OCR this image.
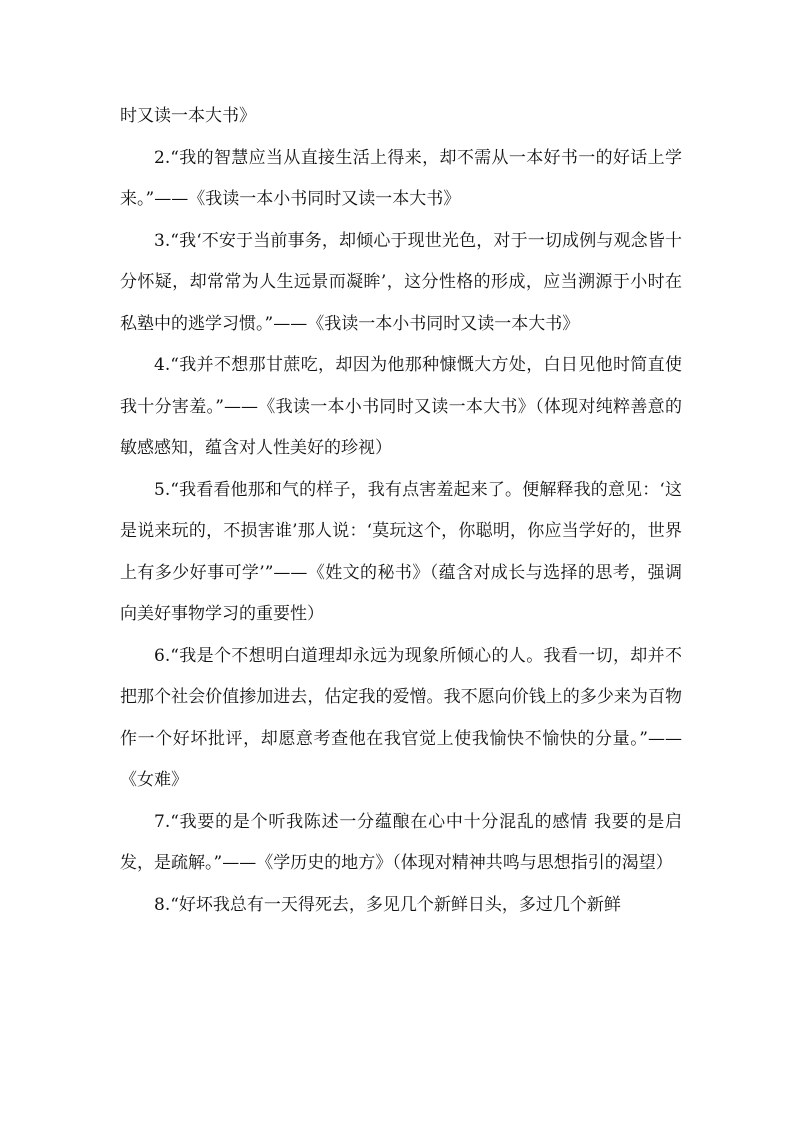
时又读一本大书》

2.“我的智慧应当从直接生活上得来，却不需从一本好书一的好话上学来。”——《我读一本小书同时又读一本大书》

3.“我‘不安于当前事务，却倾心于现世光色，对于一切成例与观念皆十分怀疑，却常常为人生远景而凝眸’，这分性格的形成，应当溯源于小时在私塾中的逃学习惯。”——《我读一本小书同时又读一本大书》

4.“我并不想那甘蔗吃，却因为他那种慷慨大方处，白日见他时简直使我十分害羞。”——《我读一本小书同时又读一本大书》（体现对纯粹善意的敏感感知，蕴含对人性美好的珍视）

5.“我看看他那和气的样子，我有点害羞起来了。便解释我的意见：‘这是说来玩的，不损害谁’那人说：‘莫玩这个，你聪明，你应当学好的，世界上有多少好事可学’”——《姓文的秘书》（蕴含对成长与选择的思考，强调向美好事物学习的重要性）

6.“我是个不想明白道理却永远为现象所倾心的人。我看一切，却并不把那个社会价值掺加进去，估定我的爱憎。我不愿向价钱上的多少来为百物作一个好坏批评，却愿意考查他在我官觉上使我愉快不愉快的分量。”——《女难》

7.“我要的是个听我陈述一分蕴酿在心中十分混乱的感情 我要的是启发，是疏解。”——《学历史的地方》（体现对精神共鸣与思想指引的渴望）

8.“好坏我总有一天得死去，多见几个新鲜日头，多过几个新鲜
